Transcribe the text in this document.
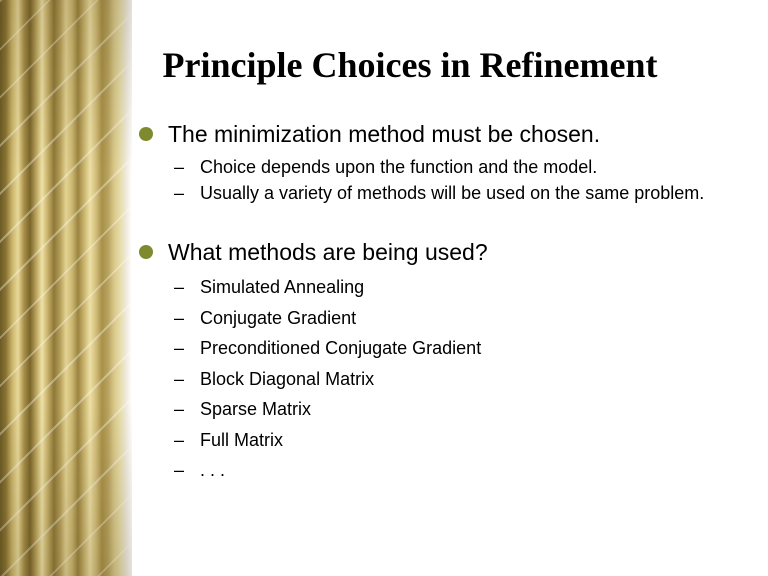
Principle Choices in Refinement
The minimization method must be chosen.
– Choice depends upon the function and the model.
– Usually a variety of methods will be used on the same problem.
What methods are being used?
– Simulated Annealing
– Conjugate Gradient
– Preconditioned Conjugate Gradient
– Block Diagonal Matrix
– Sparse Matrix
– Full Matrix
– . . .
